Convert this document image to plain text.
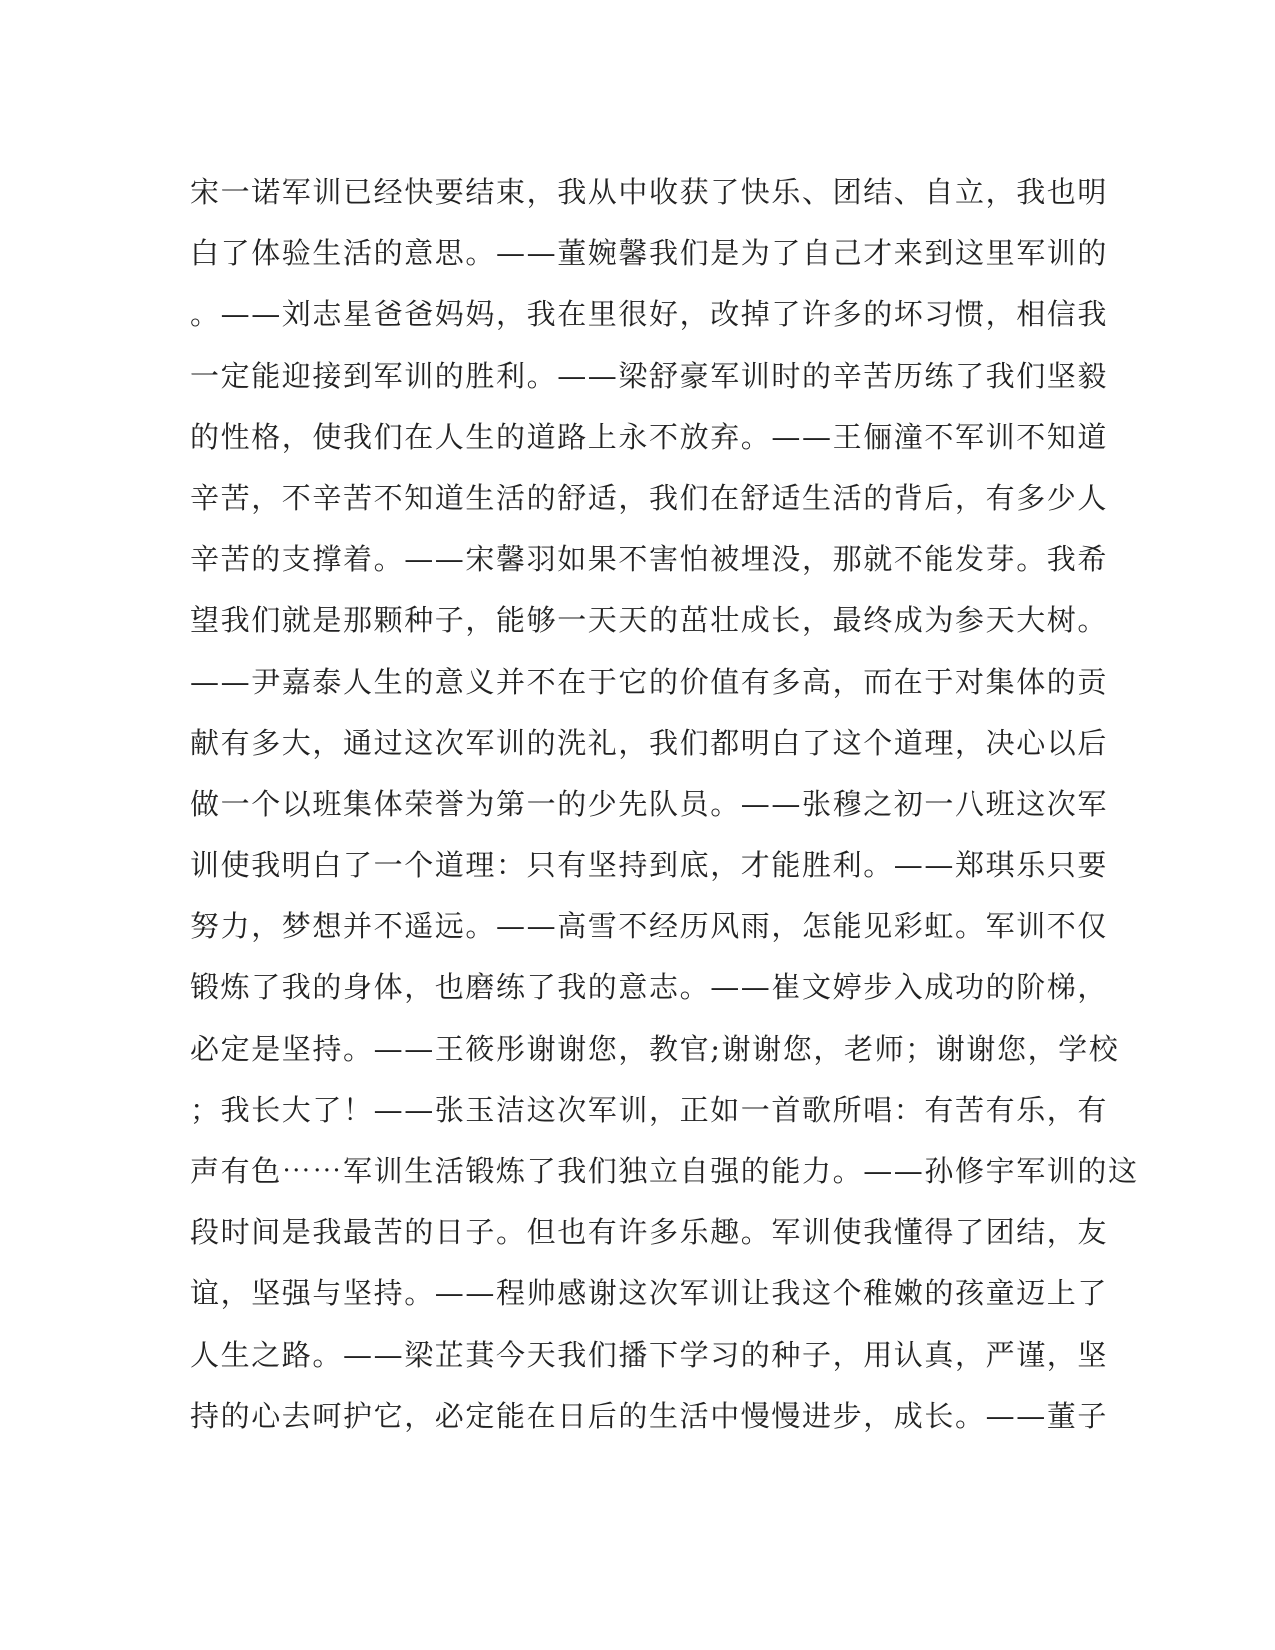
宋一诺军训已经快要结束，我从中收获了快乐、团结、自立，我也明
白了体验生活的意思。——董婉馨我们是为了自己才来到这里军训的
。——刘志星爸爸妈妈，我在里很好，改掉了许多的坏习惯，相信我
一定能迎接到军训的胜利。——梁舒豪军训时的辛苦历练了我们坚毅
的性格，使我们在人生的道路上永不放弃。——王俪潼不军训不知道
辛苦，不辛苦不知道生活的舒适，我们在舒适生活的背后，有多少人
辛苦的支撑着。——宋馨羽如果不害怕被埋没，那就不能发芽。我希
望我们就是那颗种子，能够一天天的茁壮成长，最终成为参天大树。
——尹嘉泰人生的意义并不在于它的价值有多高，而在于对集体的贡
献有多大，通过这次军训的洗礼，我们都明白了这个道理，决心以后
做一个以班集体荣誉为第一的少先队员。——张穆之初一八班这次军
训使我明白了一个道理：只有坚持到底，才能胜利。——郑琪乐只要
努力，梦想并不遥远。——高雪不经历风雨，怎能见彩虹。军训不仅
锻炼了我的身体，也磨练了我的意志。——崔文婷步入成功的阶梯，
必定是坚持。——王筱彤谢谢您，教官;谢谢您，老师；谢谢您，学校
；我长大了！——张玉洁这次军训，正如一首歌所唱：有苦有乐，有
声有色⋯⋯军训生活锻炼了我们独立自强的能力。——孙修宇军训的这
段时间是我最苦的日子。但也有许多乐趣。军训使我懂得了团结，友
谊，坚强与坚持。——程帅感谢这次军训让我这个稚嫩的孩童迈上了
人生之路。——梁芷萁今天我们播下学习的种子，用认真，严谨，坚
持的心去呵护它，必定能在日后的生活中慢慢进步，成长。——董子
